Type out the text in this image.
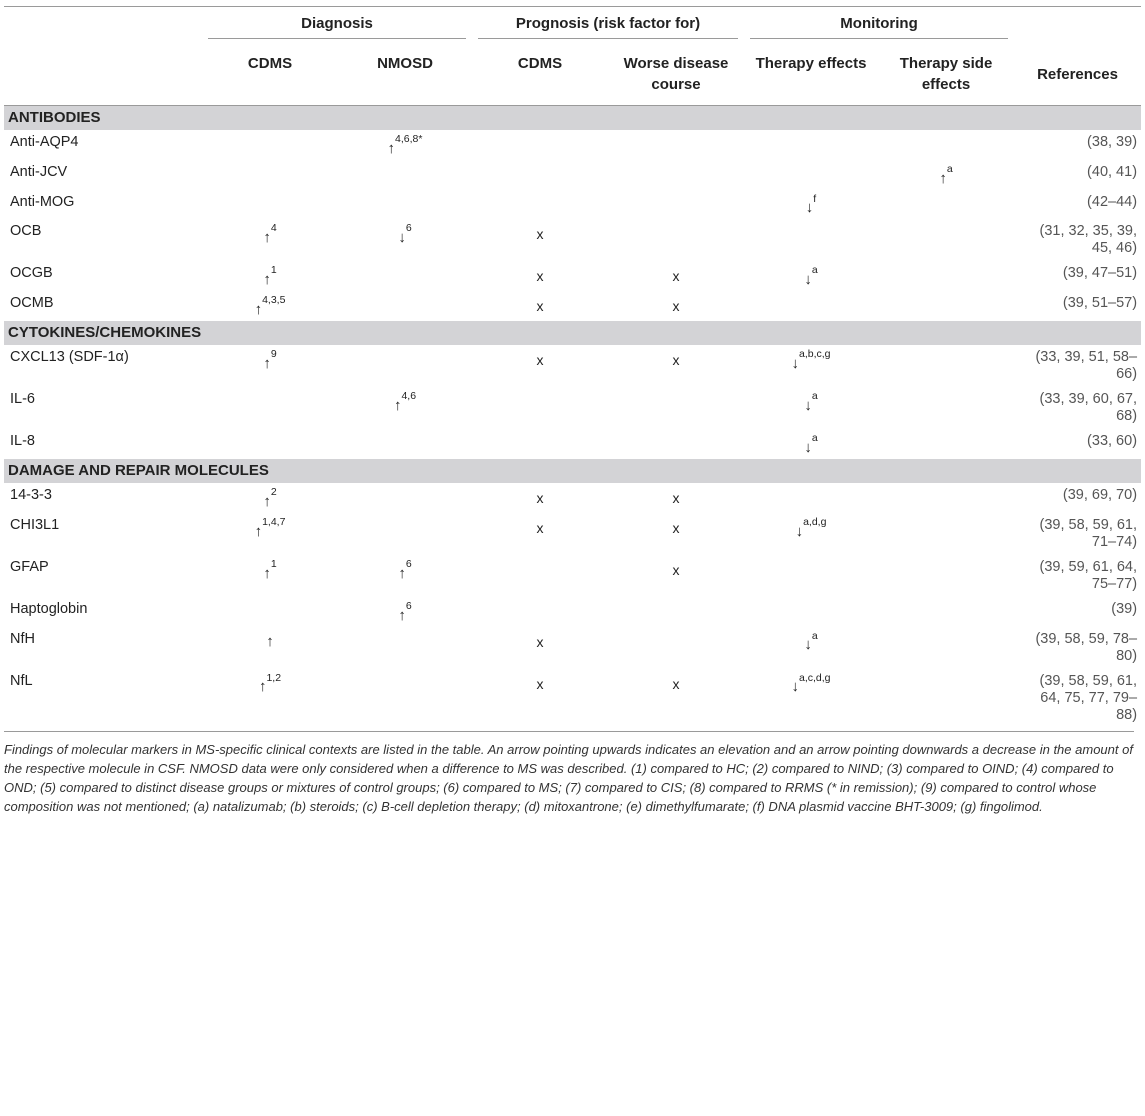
	Diagnosis		Prognosis (risk factor for)		Monitoring	

	CDMS	NMOSD	CDMS	Worse disease course	Therapy effects	Therapy side effects	References
ANTIBODIES							
Anti-AQP4		↑$^{4,6,8*}$					(38, 39)
Anti-JCV						↑$^a$	(40, 41)
Anti-MOG					↓$^f$		(42–44)
OCB	↑$^4$	↓$^6$	x				(31, 32, 35, 39, 45, 46)
OCGB	↑$^1$		x	x	↓$^a$		(39, 47–51)
OCMB	↑$^{4,3,5}$		x	x			(39, 51–57)
CYTOKINES/CHEMOKINES							
CXCL13 (SDF-1α)	↑$^9$		x	x	↓$^{a,b,c,g}$		(33, 39, 51, 58–66)
IL-6		↑$^{4,6}$			↓$^a$		(33, 39, 60, 67, 68)
IL-8					↓$^a$		(33, 60)
DAMAGE AND REPAIR MOLECULES							
14-3-3	↑$^2$		x	x			(39, 69, 70)
CHI3L1	↑$^{1,4,7}$		x	x	↓$^{a,d,g}$		(39, 58, 59, 61, 71–74)
GFAP	↑$^1$	↑$^6$		x			(39, 59, 61, 64, 75–77)
Haptoglobin		↑$^6$					(39)
NfH	↑		x		↓$^a$		(39, 58, 59, 78–80)
NfL	↑$^{1,2}$		x	x	↓$^{a,c,d,g}$		(39, 58, 59, 61, 64, 75, 77, 79–88)
Findings of molecular markers in MS-specific clinical contexts are listed in the table. An arrow pointing upwards indicates an elevation and an arrow pointing downwards a decrease in the amount of the respective molecule in CSF. NMOSD data were only considered when a difference to MS was described. (1) compared to HC; (2) compared to NIND; (3) compared to OIND; (4) compared to OND; (5) compared to distinct disease groups or mixtures of control groups; (6) compared to MS; (7) compared to CIS; (8) compared to RRMS (* in remission); (9) compared to control whose composition was not mentioned; (a) natalizumab; (b) steroids; (c) B-cell depletion therapy; (d) mitoxantrone; (e) dimethylfumarate; (f) DNA plasmid vaccine BHT-3009; (g) fingolimod.
